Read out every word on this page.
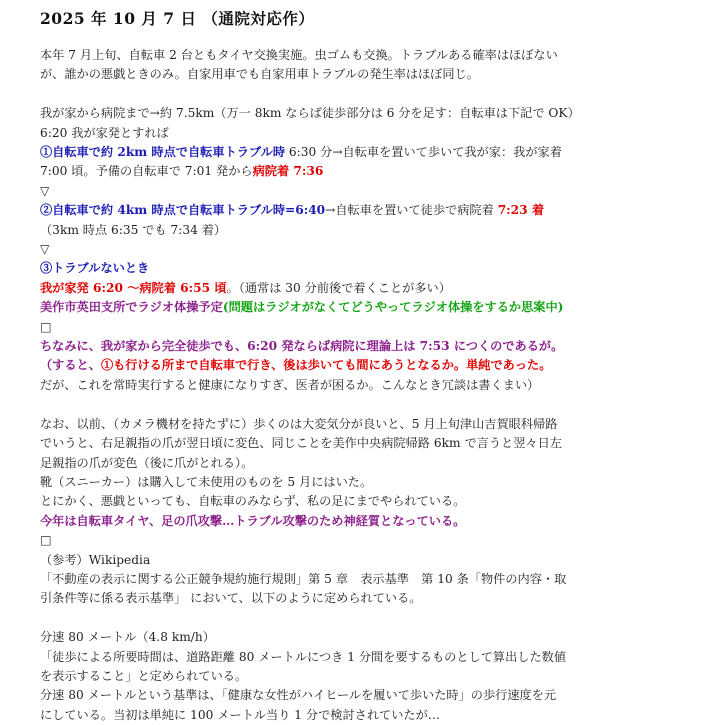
2025 年 10 月 7 日 （通院対応作）
本年 7 月上旬、自転車 2 台ともタイヤ交換実施。虫ゴムも交換。トラブルある確率はほぼない
が、誰かの悪戯ときのみ。自家用車でも自家用車トラブルの発生率はほぼ同じ。
我が家から病院まで→約 7.5km（万一 8km ならば徒歩部分は 6 分を足す：自転車は下記で OK）
6:20 我が家発とすれば
①自転車で約 2km 時点で自転車トラブル時 6:30 分→自転車を置いて歩いて我が家：我が家着
7:00 頃。予備の自転車で 7:01 発から病院着 7:36
▽
②自転車で約 4km 時点で自転車トラブル時=6:40→自転車を置いて徒歩で病院着 7:23 着
（3km 時点 6:35 でも 7:34 着）
▽
③トラブルないとき
我が家発 6:20 ～病院着 6:55 頃。（通常は 30 分前後で着くことが多い）
美作市英田支所でラジオ体操予定(問題はラジオがなくてどうやってラジオ体操をするか思案中)
□
ちなみに、我が家から完全徒歩でも、6:20 発ならば病院に理論上は 7:53 につくのであるが。
（すると、①も行ける所まで自転車で行き、後は歩いても間にあうとなるか。単純であった。
だが、これを常時実行すると健康になりすぎ、医者が困るか。こんなとき冗談は書くまい）
なお、以前、（カメラ機材を持たずに）歩くのは大変気分が良いと、5 月上旬津山吉賀眼科帰路
でいうと、右足親指の爪が翌日頃に変色、同じことを美作中央病院帰路 6km で言うと翌々日左
足親指の爪が変色（後に爪がとれる）。
靴（スニーカー）は購入して未使用のものを 5 月にはいた。
とにかく、悪戯といっても、自転車のみならず、私の足にまでやられている。
今年は自転車タイヤ、足の爪攻撃…トラブル攻撃のため神経質となっている。
□
（参考）Wikipedia
「不動産の表示に関する公正競争規約施行規則」第 5 章　表示基準　第 10 条「物件の内容・取
引条件等に係る表示基準」 において、以下のように定められている。
分速 80 メートル（4.8 km/h）
「徒歩による所要時間は、道路距離 80 メートルにつき 1 分間を要するものとして算出した数値
を表示すること」と定められている。
分速 80 メートルという基準は、「健康な女性がハイヒールを履いて歩いた時」の歩行速度を元
にしている。当初は単純に 100 メートル当り 1 分で検討されていたが…
